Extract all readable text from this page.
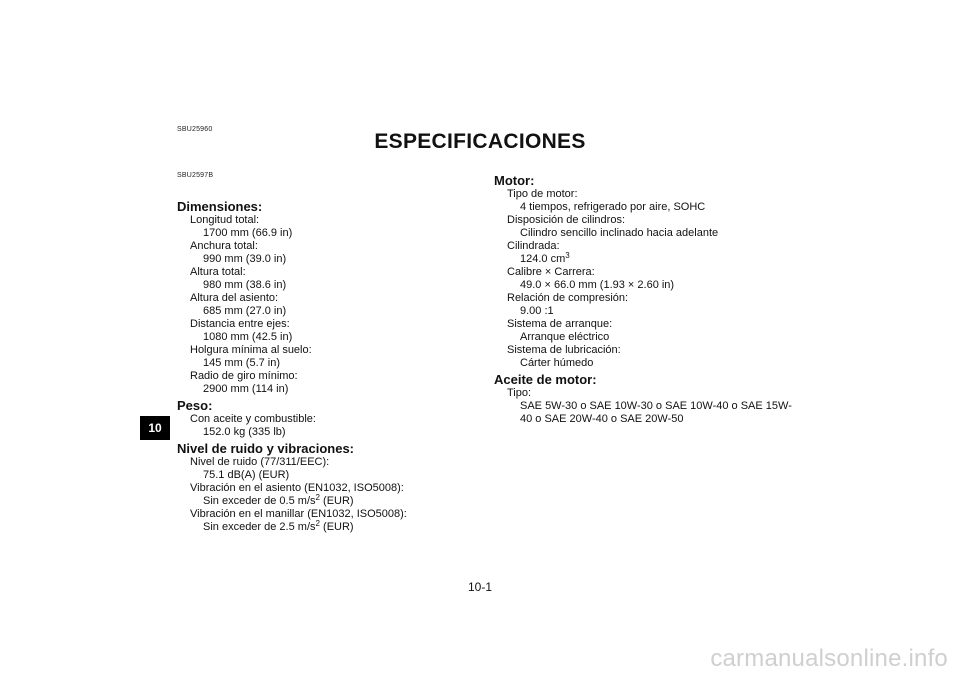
SBU25960
ESPECIFICACIONES
SBU2597B
10
Dimensiones:
Longitud total:
1700 mm (66.9 in)
Anchura total:
990 mm (39.0 in)
Altura total:
980 mm (38.6 in)
Altura del asiento:
685 mm (27.0 in)
Distancia entre ejes:
1080 mm (42.5 in)
Holgura mínima al suelo:
145 mm (5.7 in)
Radio de giro mínimo:
2900 mm (114 in)
Peso:
Con aceite y combustible:
152.0 kg (335 lb)
Nivel de ruido y vibraciones:
Nivel de ruido (77/311/EEC):
75.1 dB(A) (EUR)
Vibración en el asiento (EN1032, ISO5008):
Sin exceder de 0.5 $m/s^2$ (EUR)
Vibración en el manillar (EN1032, ISO5008):
Sin exceder de 2.5 $m/s^2$ (EUR)
Motor:
Tipo de motor:
4 tiempos, refrigerado por aire, SOHC
Disposición de cilindros:
Cilindro sencillo inclinado hacia adelante
Cilindrada:
124.0 $cm^3$
Calibre × Carrera:
49.0 × 66.0 mm (1.93 × 2.60 in)
Relación de compresión:
9.00 :1
Sistema de arranque:
Arranque eléctrico
Sistema de lubricación:
Cárter húmedo
Aceite de motor:
Tipo:
SAE 5W-30 o SAE 10W-30 o SAE 10W-40 o SAE 15W-
40 o SAE 20W-40 o SAE 20W-50
10-1
carmanualsonline.info
